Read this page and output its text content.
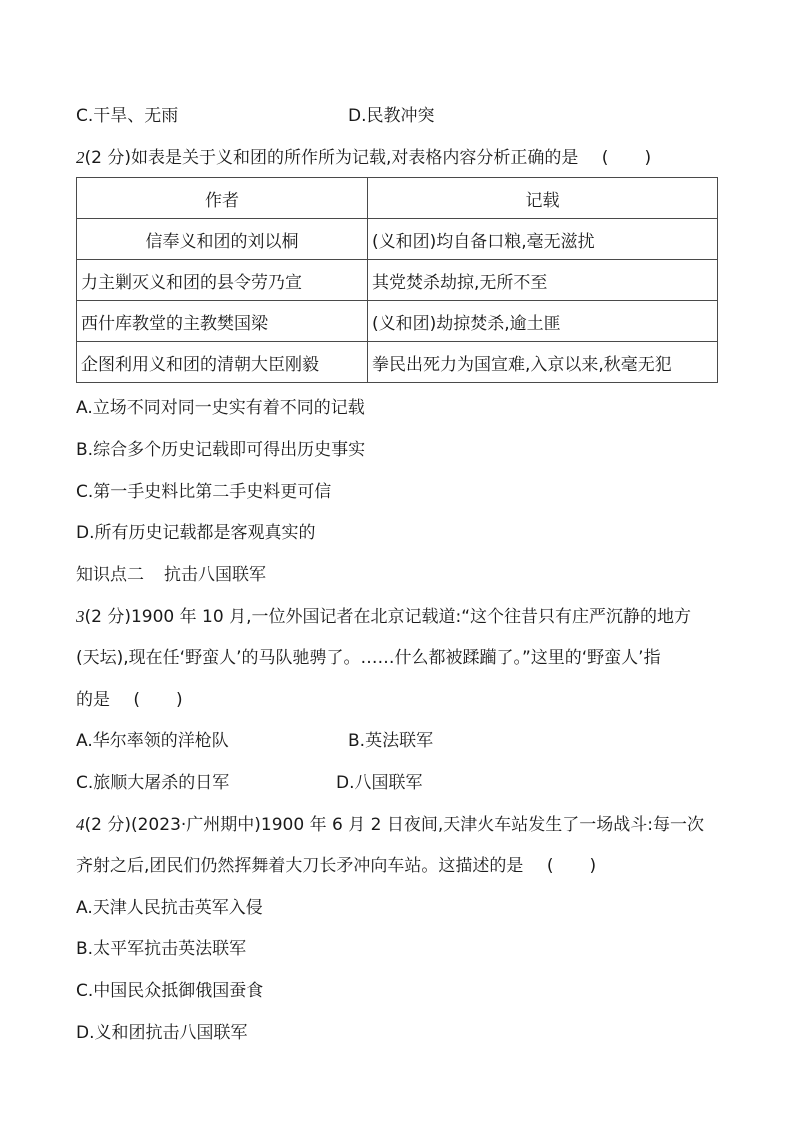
C.干旱、无雨	D.民教冲突
2(2 分)如表是关于义和团的所作所为记载,对表格内容分析正确的是 ( )
作者	记载
信奉义和团的刘以桐	(义和团)均自备口粮,毫无滋扰
力主剿灭义和团的县令劳乃宣	其党焚杀劫掠,无所不至
西什库教堂的主教樊国梁	(义和团)劫掠焚杀,逾土匪
企图利用义和团的清朝大臣刚毅	拳民出死力为国宣难,入京以来,秋毫无犯
A.立场不同对同一史实有着不同的记载
B.综合多个历史记载即可得出历史事实
C.第一手史料比第二手史料更可信
D.所有历史记载都是客观真实的
知识点二 抗击八国联军
3(2 分)1900 年 10 月,一位外国记者在北京记载道:“这个往昔只有庄严沉静的地方
(天坛),现在任‘野蛮人’的马队驰骋了。……什么都被蹂躏了。”这里的‘野蛮人’指
的是 ( )
A.华尔率领的洋枪队	B.英法联军
C.旅顺大屠杀的日军	D.八国联军
4(2 分)(2023·广州期中)1900 年 6 月 2 日夜间,天津火车站发生了一场战斗:每一次
齐射之后,团民们仍然挥舞着大刀长矛冲向车站。这描述的是 ( )
A.天津人民抗击英军入侵
B.太平军抗击英法联军
C.中国民众抵御俄国蚕食
D.义和团抗击八国联军
